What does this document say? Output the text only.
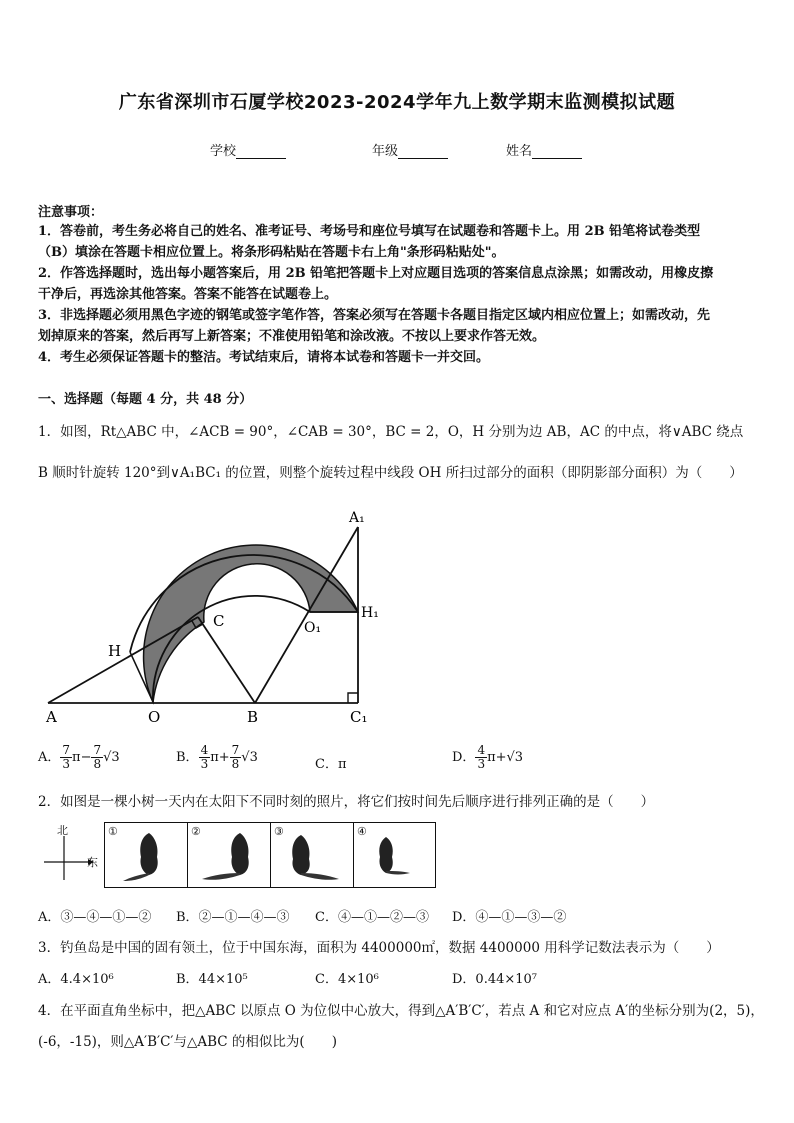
广东省深圳市石厦学校2023-2024学年九上数学期末监测模拟试题
学校	年级	姓名
注意事项：
1．答卷前，考生务必将自己的姓名、准考证号、考场号和座位号填写在试题卷和答题卡上。用 2B 铅笔将试卷类型
（B）填涂在答题卡相应位置上。将条形码粘贴在答题卡右上角"条形码粘贴处"。
2．作答选择题时，选出每小题答案后，用 2B 铅笔把答题卡上对应题目选项的答案信息点涂黑；如需改动，用橡皮擦
干净后，再选涂其他答案。答案不能答在试题卷上。
3．非选择题必须用黑色字迹的钢笔或签字笔作答，答案必须写在答题卡各题目指定区域内相应位置上；如需改动，先
划掉原来的答案，然后再写上新答案；不准使用铅笔和涂改液。不按以上要求作答无效。
4．考生必须保证答题卡的整洁。考试结束后，请将本试卷和答题卡一并交回。
一、选择题（每题 4 分，共 48 分）
1．如图，Rt△ABC 中，∠ACB = 90°，∠CAB = 30°，BC = 2，O，H 分别为边 AB，AC 的中点，将∨ABC 绕点
B 顺时针旋转 120°到∨A₁BC₁ 的位置，则整个旋转过程中线段 OH 所扫过部分的面积（即阴影部分面积）为（　　）
A	O	B	C₁
H
C	O₁
H₁
A₁
A． $\frac{7}{3} \pi- \frac{7}{8} √3$	B． $\frac{4}{3} \pi+ \frac{7}{8} √3$	C．π	D． $\frac{4}{3} \pi+√3$
2．如图是一棵小树一天内在太阳下不同时刻的照片，将它们按时间先后顺序进行排列正确的是（　　）
北
东
①	②	③	④
A．③—④—①—② B．②—①—④—③ C．④—①—②—③ D．④—①—③—②
3．钓鱼岛是中国的固有领土，位于中国东海，面积为 4400000㎡，数据 4400000 用科学记数法表示为（　　）
A．4.4×10⁶	B．44×10⁵	C．4×10⁶	D．0.44×10⁷
4．在平面直角坐标中，把△ABC 以原点 O 为位似中心放大，得到△A′B′C′，若点 A 和它对应点 A′的坐标分别为(2，5)，
(-6，-15)，则△A′B′C′与△ABC 的相似比为(　　)
